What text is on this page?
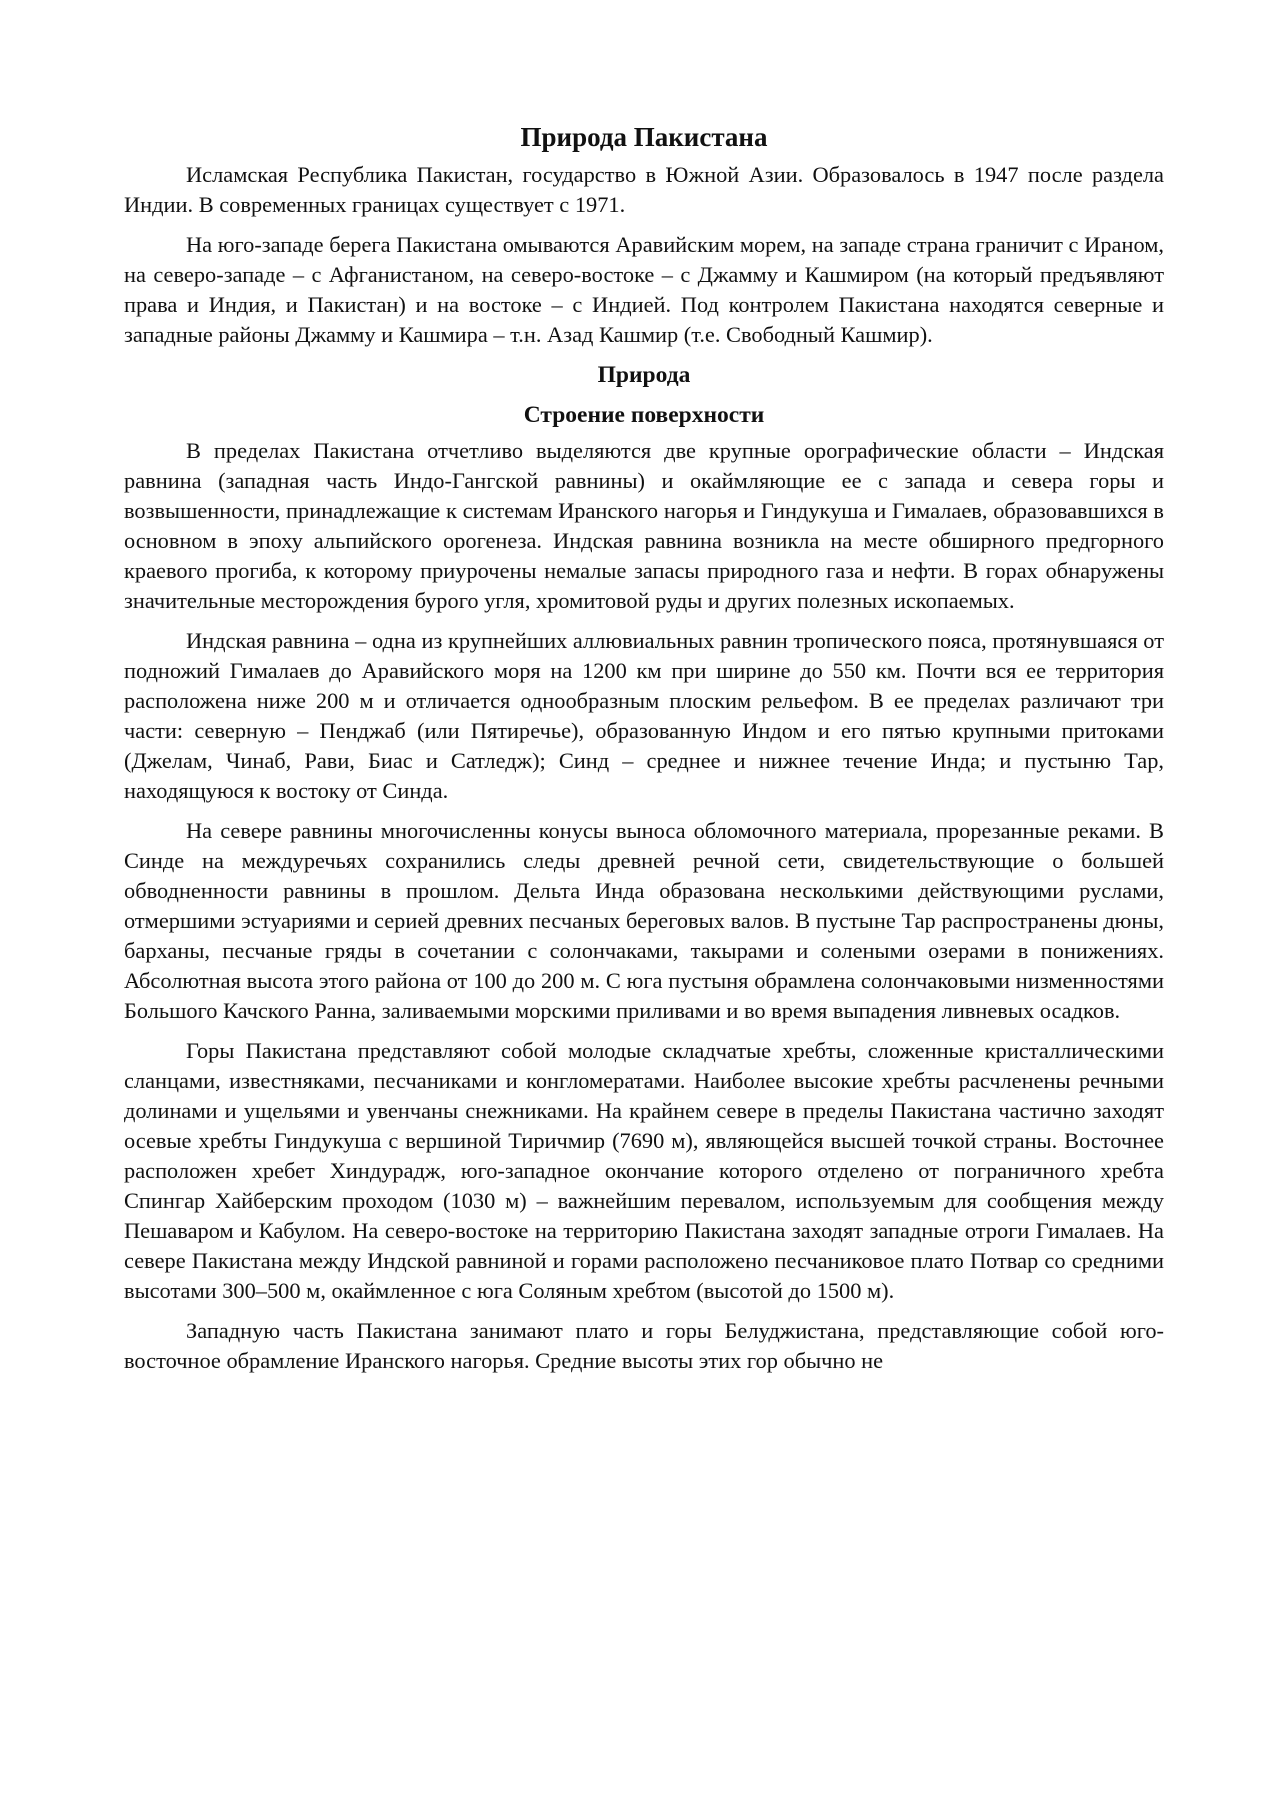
Природа Пакистана

Исламская Республика Пакистан, государство в Южной Азии. Образовалось в 1947 после раздела Индии. В современных границах существует с 1971.

На юго-западе берега Пакистана омываются Аравийским морем, на западе страна граничит с Ираном, на северо-западе – с Афганистаном, на северо-востоке – с Джамму и Кашмиром (на который предъявляют права и Индия, и Пакистан) и на востоке – с Индией. Под контролем Пакистана находятся северные и западные районы Джамму и Кашмира – т.н. Азад Кашмир (т.е. Свободный Кашмир).

Природа
Строение поверхности

В пределах Пакистана отчетливо выделяются две крупные орографические области – Индская равнина (западная часть Индо-Гангской равнины) и окаймляющие ее с запада и севера горы и возвышенности, принадлежащие к системам Иранского нагорья и Гиндукуша и Гималаев, образовавшихся в основном в эпоху альпийского орогенеза. Индская равнина возникла на месте обширного предгорного краевого прогиба, к которому приурочены немалые запасы природного газа и нефти. В горах обнаружены значительные месторождения бурого угля, хромитовой руды и других полезных ископаемых.

Индская равнина – одна из крупнейших аллювиальных равнин тропического пояса, протянувшаяся от подножий Гималаев до Аравийского моря на 1200 км при ширине до 550 км. Почти вся ее территория расположена ниже 200 м и отличается однообразным плоским рельефом. В ее пределах различают три части: северную – Пенджаб (или Пятиречье), образованную Индом и его пятью крупными притоками (Джелам, Чинаб, Рави, Биас и Сатледж); Синд – среднее и нижнее течение Инда; и пустыню Тар, находящуюся к востоку от Синда.

На севере равнины многочисленны конусы выноса обломочного материала, прорезанные реками. В Синде на междуречьях сохранились следы древней речной сети, свидетельствующие о большей обводненности равнины в прошлом. Дельта Инда образована несколькими действующими руслами, отмершими эстуариями и серией древних песчаных береговых валов. В пустыне Тар распространены дюны, барханы, песчаные гряды в сочетании с солончаками, такырами и солеными озерами в понижениях. Абсолютная высота этого района от 100 до 200 м. С юга пустыня обрамлена солончаковыми низменностями Большого Качского Ранна, заливаемыми морскими приливами и во время выпадения ливневых осадков.

Горы Пакистана представляют собой молодые складчатые хребты, сложенные кристаллическими сланцами, известняками, песчаниками и конгломератами. Наиболее высокие хребты расчленены речными долинами и ущельями и увенчаны снежниками. На крайнем севере в пределы Пакистана частично заходят осевые хребты Гиндукуша с вершиной Тиричмир (7690 м), являющейся высшей точкой страны. Восточнее расположен хребет Хиндурадж, юго-западное окончание которого отделено от пограничного хребта Спингар Хайберским проходом (1030 м) – важнейшим перевалом, используемым для сообщения между Пешаваром и Кабулом. На северо-востоке на территорию Пакистана заходят западные отроги Гималаев. На севере Пакистана между Индской равниной и горами расположено песчаниковое плато Потвар со средними высотами 300–500 м, окаймленное с юга Соляным хребтом (высотой до 1500 м).

Западную часть Пакистана занимают плато и горы Белуджистана, представляющие собой юго-восточное обрамление Иранского нагорья. Средние высоты этих гор обычно не
